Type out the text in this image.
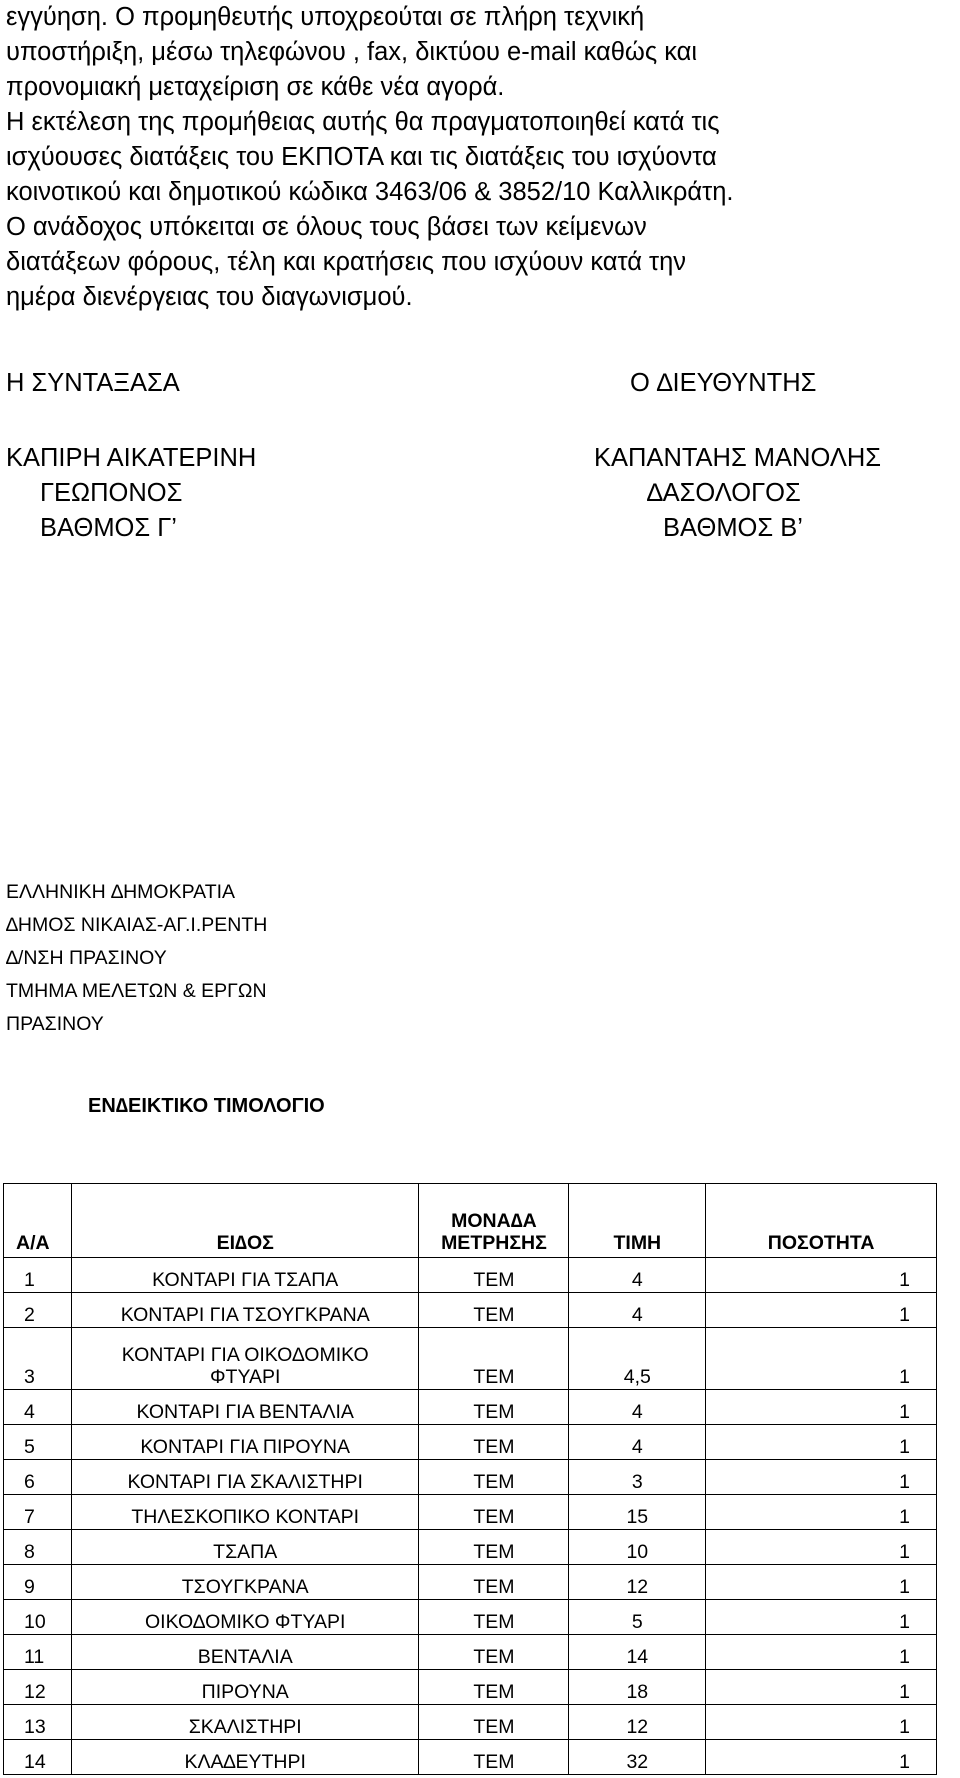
εγγύηση. Ο προμηθευτής υποχρεούται σε πλήρη τεχνική
υποστήριξη, μέσω τηλεφώνου , fax, δικτύου e-mail καθώς και
προνομιακή μεταχείριση σε κάθε νέα αγορά.
Η εκτέλεση της προμήθειας αυτής θα πραγματοποιηθεί κατά τις
ισχύουσες διατάξεις του ΕΚΠΟΤΑ και τις διατάξεις του ισχύοντα
κοινοτικού και δημοτικού κώδικα 3463/06 & 3852/10 Καλλικράτη.
Ο ανάδοχος υπόκειται σε όλους τους βάσει των κείμενων
διατάξεων φόρους, τέλη και κρατήσεις που ισχύουν κατά την
ημέρα διενέργειας του διαγωνισμού.
Η ΣΥΝΤΑΞΑΣΑ
ΚΑΠΙΡΗ ΑΙΚΑΤΕΡΙΝΗ
ΓΕΩΠΟΝΟΣ
ΒΑΘΜΟΣ Γ’
Ο ∆ΙΕΥΘΥΝΤΗΣ
ΚΑΠΑΝΤΑΗΣ ΜΑΝΟΛΗΣ
∆ΑΣΟΛΟΓΟΣ
ΒΑΘΜΟΣ Β’
ΕΛΛΗΝΙΚΗ ∆ΗΜΟΚΡΑΤΙΑ
∆ΗΜΟΣ ΝΙΚΑΙΑΣ-ΑΓ.Ι.ΡΕΝΤΗ
∆/ΝΣΗ ΠΡΑΣΙΝΟΥ
ΤΜΗΜΑ ΜΕΛΕΤΩΝ & ΕΡΓΩΝ
ΠΡΑΣΙΝΟΥ
ΕΝ∆ΕΙΚΤΙΚΟ ΤΙΜΟΛΟΓΙΟ
Α/Α	ΕΙ∆ΟΣ	ΜΟΝΑ∆Α
ΜΕΤΡΗΣΗΣ	ΤΙΜΗ	ΠΟΣΟΤΗΤΑ
1	ΚΟΝΤΑΡΙ ΓΙΑ ΤΣΑΠΑ	ΤΕΜ	4	1
2	ΚΟΝΤΑΡΙ ΓΙΑ ΤΣΟΥΓΚΡΑΝΑ	ΤΕΜ	4	1
3	ΚΟΝΤΑΡΙ ΓΙΑ ΟΙΚΟ∆ΟΜΙΚΟ
ΦΤΥΑΡΙ	ΤΕΜ	4,5	1
4	ΚΟΝΤΑΡΙ ΓΙΑ ΒΕΝΤΑΛΙΑ	ΤΕΜ	4	1
5	ΚΟΝΤΑΡΙ ΓΙΑ ΠΙΡΟΥΝΑ	ΤΕΜ	4	1
6	ΚΟΝΤΑΡΙ ΓΙΑ ΣΚΑΛΙΣΤΗΡΙ	ΤΕΜ	3	1
7	ΤΗΛΕΣΚΟΠΙΚΟ ΚΟΝΤΑΡΙ	ΤΕΜ	15	1
8	ΤΣΑΠΑ	ΤΕΜ	10	1
9	ΤΣΟΥΓΚΡΑΝΑ	ΤΕΜ	12	1
10	ΟΙΚΟ∆ΟΜΙΚΟ ΦΤΥΑΡΙ	ΤΕΜ	5	1
11	ΒΕΝΤΑΛΙΑ	ΤΕΜ	14	1
12	ΠΙΡΟΥΝΑ	ΤΕΜ	18	1
13	ΣΚΑΛΙΣΤΗΡΙ	ΤΕΜ	12	1
14	ΚΛΑ∆ΕΥΤΗΡΙ	ΤΕΜ	32	1
